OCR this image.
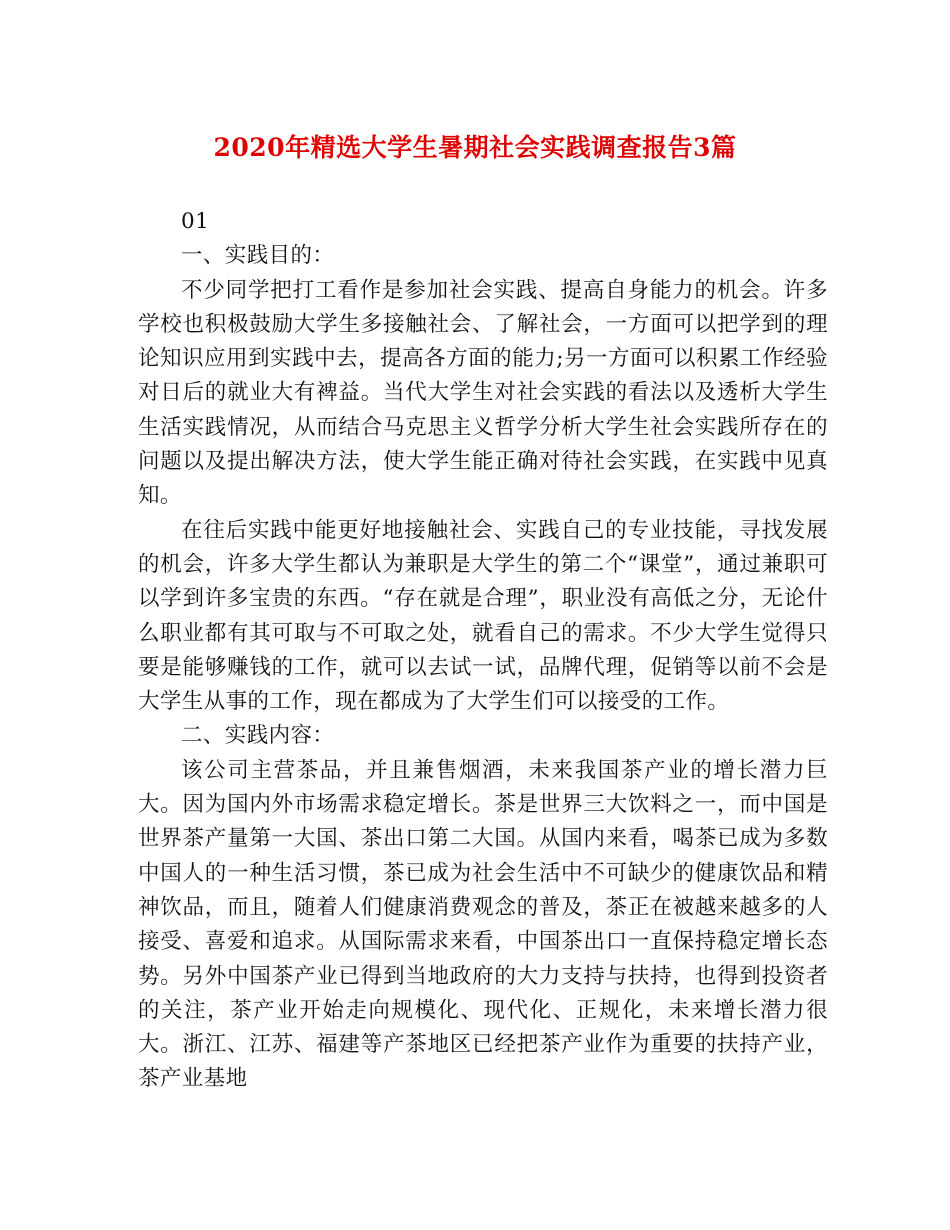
2020年精选大学生暑期社会实践调查报告3篇

01

一、实践目的：

不少同学把打工看作是参加社会实践、提高自身能力的机会。许多学校也积极鼓励大学生多接触社会、了解社会，一方面可以把学到的理论知识应用到实践中去，提高各方面的能力;另一方面可以积累工作经验对日后的就业大有裨益。当代大学生对社会实践的看法以及透析大学生生活实践情况，从而结合马克思主义哲学分析大学生社会实践所存在的问题以及提出解决方法，使大学生能正确对待社会实践，在实践中见真知。

在往后实践中能更好地接触社会、实践自己的专业技能，寻找发展的机会，许多大学生都认为兼职是大学生的第二个“课堂”，通过兼职可以学到许多宝贵的东西。“存在就是合理”，职业没有高低之分，无论什么职业都有其可取与不可取之处，就看自己的需求。不少大学生觉得只要是能够赚钱的工作，就可以去试一试，品牌代理，促销等以前不会是大学生从事的工作，现在都成为了大学生们可以接受的工作。

二、实践内容：

该公司主营茶品，并且兼售烟酒，未来我国茶产业的增长潜力巨大。因为国内外市场需求稳定增长。茶是世界三大饮料之一，而中国是世界茶产量第一大国、茶出口第二大国。从国内来看，喝茶已成为多数中国人的一种生活习惯，茶已成为社会生活中不可缺少的健康饮品和精神饮品，而且，随着人们健康消费观念的普及，茶正在被越来越多的人接受、喜爱和追求。从国际需求来看，中国茶出口一直保持稳定增长态势。另外中国茶产业已得到当地政府的大力支持与扶持，也得到投资者的关注，茶产业开始走向规模化、现代化、正规化，未来增长潜力很大。浙江、江苏、福建等产茶地区已经把茶产业作为重要的扶持产业，茶产业基地
